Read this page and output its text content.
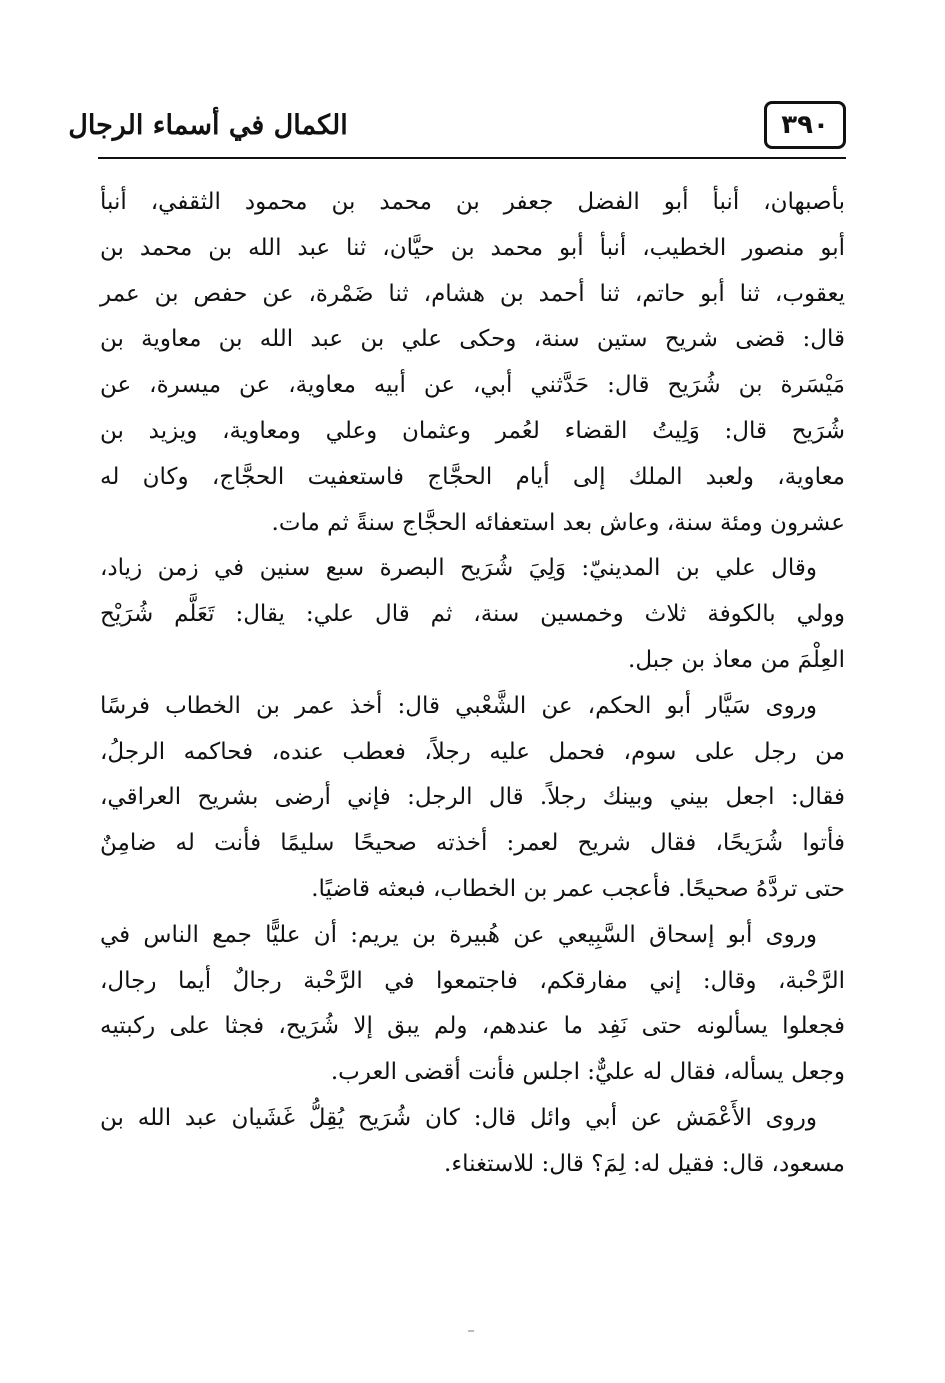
الكمال في أسماء الرجال	٣٩٠
بأصبهان، أنبأ أبو الفضل جعفر بن محمد بن محمود الثقفي، أنبأ
أبو منصور الخطيب، أنبأ أبو محمد بن حيَّان، ثنا عبد الله بن محمد بن
يعقوب، ثنا أبو حاتم، ثنا أحمد بن هشام، ثنا ضَمْرة، عن حفص بن عمر
قال: قضى شريح ستين سنة، وحكى علي بن عبد الله بن معاوية بن
مَيْسَرة بن شُرَيح قال: حَدَّثني أبي، عن أبيه معاوية، عن ميسرة، عن
شُرَيح قال: وَلِيتُ القضاء لعُمر وعثمان وعلي ومعاوية، ويزيد بن
معاوية، ولعبد الملك إلى أيام الحجَّاج فاستعفيت الحجَّاج، وكان له
عشرون ومئة سنة، وعاش بعد استعفائه الحجَّاج سنةً ثم مات.
وقال علي بن المدينيّ: وَلِيَ شُرَيح البصرة سبع سنين في زمن زياد،
وولي بالكوفة ثلاث وخمسين سنة، ثم قال علي: يقال: تَعَلَّم شُرَيْح
العِلْمَ من معاذ بن جبل.
وروى سَيَّار أبو الحكم، عن الشَّعْبي قال: أخذ عمر بن الخطاب فرسًا
من رجل على سوم، فحمل عليه رجلاً، فعطب عنده، فحاكمه الرجلُ،
فقال: اجعل بيني وبينك رجلاً. قال الرجل: فإني أرضى بشريح العراقي،
فأتوا شُرَيحًا، فقال شريح لعمر: أخذته صحيحًا سليمًا فأنت له ضامِنٌ
حتى تردَّهُ صحيحًا. فأعجب عمر بن الخطاب، فبعثه قاضيًا.
وروى أبو إسحاق السَّبِيعي عن هُبيرة بن يريم: أن عليًّا جمع الناس في
الرَّحْبة، وقال: إني مفارقكم، فاجتمعوا في الرَّحْبة رجالٌ أيما رجال،
فجعلوا يسألونه حتى نَفِد ما عندهم، ولم يبق إلا شُرَيح، فجثا على ركبتيه
وجعل يسأله، فقال له عليٌّ: اجلس فأنت أقضى العرب.
وروى الأَعْمَش عن أبي وائل قال: كان شُرَيح يُقِلُّ غَشَيان عبد الله بن
مسعود، قال: فقيل له: لِمَ؟ قال: للاستغناء.
